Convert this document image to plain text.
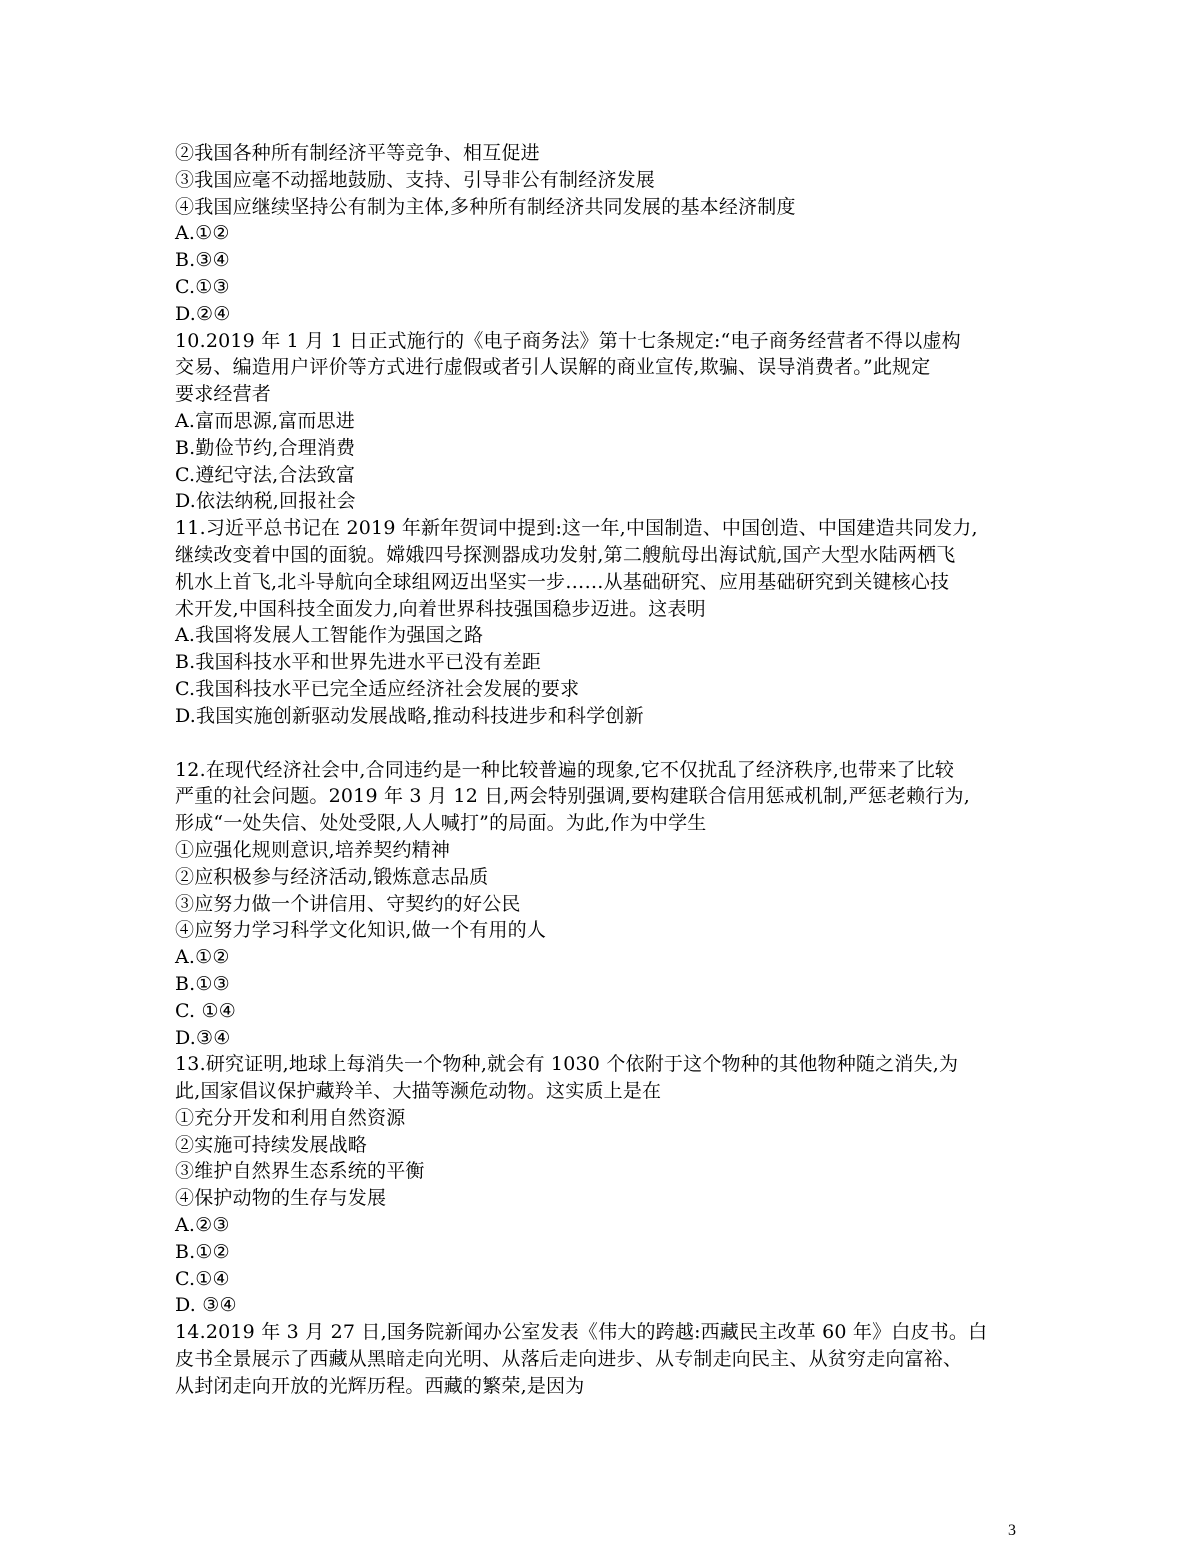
②我国各种所有制经济平等竞争、相互促进
③我国应毫不动摇地鼓励、支持、引导非公有制经济发展
④我国应继续坚持公有制为主体,多种所有制经济共同发展的基本经济制度
A.①②
B.③④
C.①③
D.②④
10.2019 年 1 月 1 日正式施行的《电子商务法》第十七条规定:“电子商务经营者不得以虚构
交易、编造用户评价等方式进行虚假或者引人误解的商业宣传,欺骗、误导消费者。”此规定
要求经营者
A.富而思源,富而思进
B.勤俭节约,合理消费
C.遵纪守法,合法致富
D.依法纳税,回报社会
11.习近平总书记在 2019 年新年贺词中提到:这一年,中国制造、中国创造、中国建造共同发力,
继续改变着中国的面貌。嫦娥四号探测器成功发射,第二艘航母出海试航,国产大型水陆两栖飞
机水上首飞,北斗导航向全球组网迈出坚实一步……从基础研究、应用基础研究到关键核心技
术开发,中国科技全面发力,向着世界科技强国稳步迈进。这表明
A.我国将发展人工智能作为强国之路
B.我国科技水平和世界先进水平已没有差距
C.我国科技水平已完全适应经济社会发展的要求
D.我国实施创新驱动发展战略,推动科技进步和科学创新
12.在现代经济社会中,合同违约是一种比较普遍的现象,它不仅扰乱了经济秩序,也带来了比较
严重的社会问题。2019 年 3 月 12 日,两会特别强调,要构建联合信用惩戒机制,严惩老赖行为,
形成“一处失信、处处受限,人人喊打”的局面。为此,作为中学生
①应强化规则意识,培养契约精神
②应积极参与经济活动,锻炼意志品质
③应努力做一个讲信用、守契约的好公民
④应努力学习科学文化知识,做一个有用的人
A.①②
B.①③
C. ①④
D.③④
13.研究证明,地球上每消失一个物种,就会有 1030 个依附于这个物种的其他物种随之消失,为
此,国家倡议保护藏羚羊、大描等濒危动物。这实质上是在
①充分开发和利用自然资源
②实施可持续发展战略
③维护自然界生态系统的平衡
④保护动物的生存与发展
A.②③
B.①②
C.①④
D. ③④
14.2019 年 3 月 27 日,国务院新闻办公室发表《伟大的跨越:西藏民主改革 60 年》白皮书。白
皮书全景展示了西藏从黑暗走向光明、从落后走向进步、从专制走向民主、从贫穷走向富裕、
从封闭走向开放的光辉历程。西藏的繁荣,是因为
3
